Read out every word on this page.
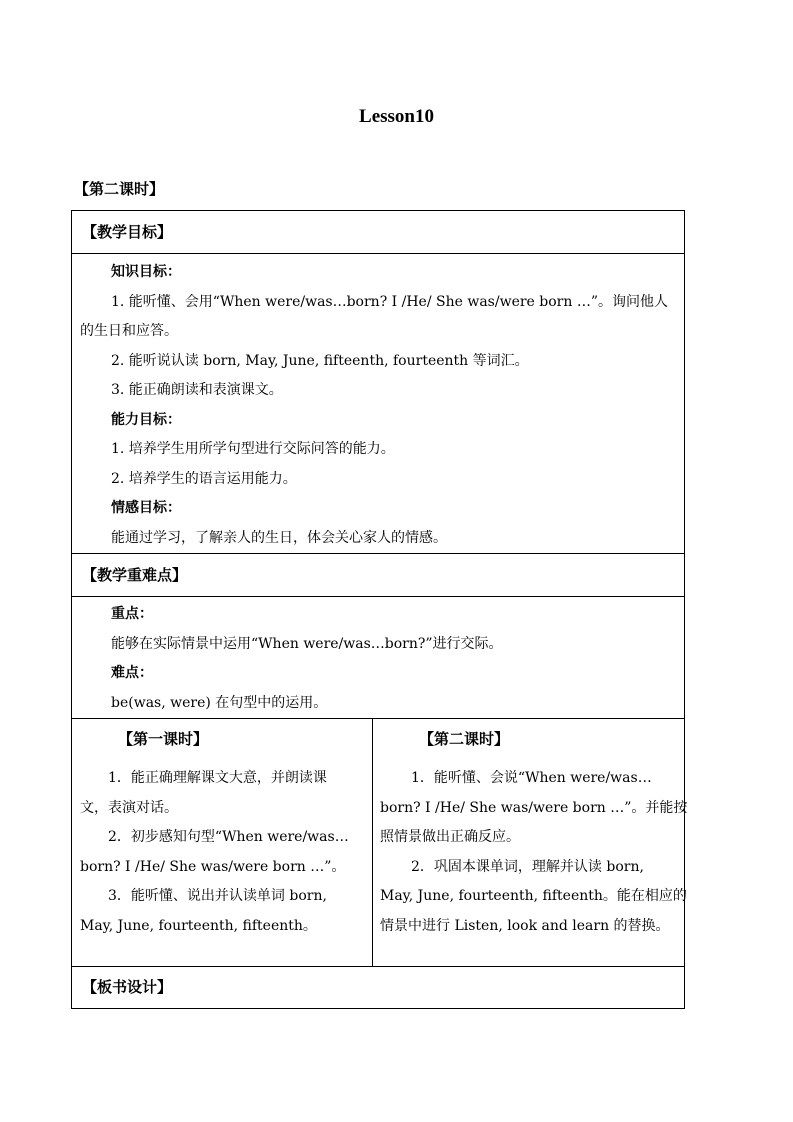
Lesson10
【第二课时】
【教学目标】

知识目标：
1. 能听懂、会用“When were/was…born? I /He/ She was/were born …”。询问他人
的生日和应答。
2. 能听说认读 born, May, June, fifteenth, fourteenth 等词汇。
3. 能正确朗读和表演课文。
能力目标：
1. 培养学生用所学句型进行交际问答的能力。
2. 培养学生的语言运用能力。
情感目标：
能通过学习，了解亲人的生日，体会关心家人的情感。

【教学重难点】

重点：
能够在实际情景中运用“When were/was…born?”进行交际。
难点：
be(was, were) 在句型中的运用。

【第一课时】
1．能正确理解课文大意，并朗读课
文，表演对话。
2．初步感知句型“When were/was…
born? I /He/ She was/were born …”。
3．能听懂、说出并认读单词 born,
May, June, fourteenth, fifteenth。

【第二课时】
1．能听懂、会说“When were/was…
born? I /He/ She was/were born …”。并能按
照情景做出正确反应。
2．巩固本课单词，理解并认读 born,
May, June, fourteenth, fifteenth。能在相应的
情景中进行 Listen, look and learn 的替换。

【板书设计】
